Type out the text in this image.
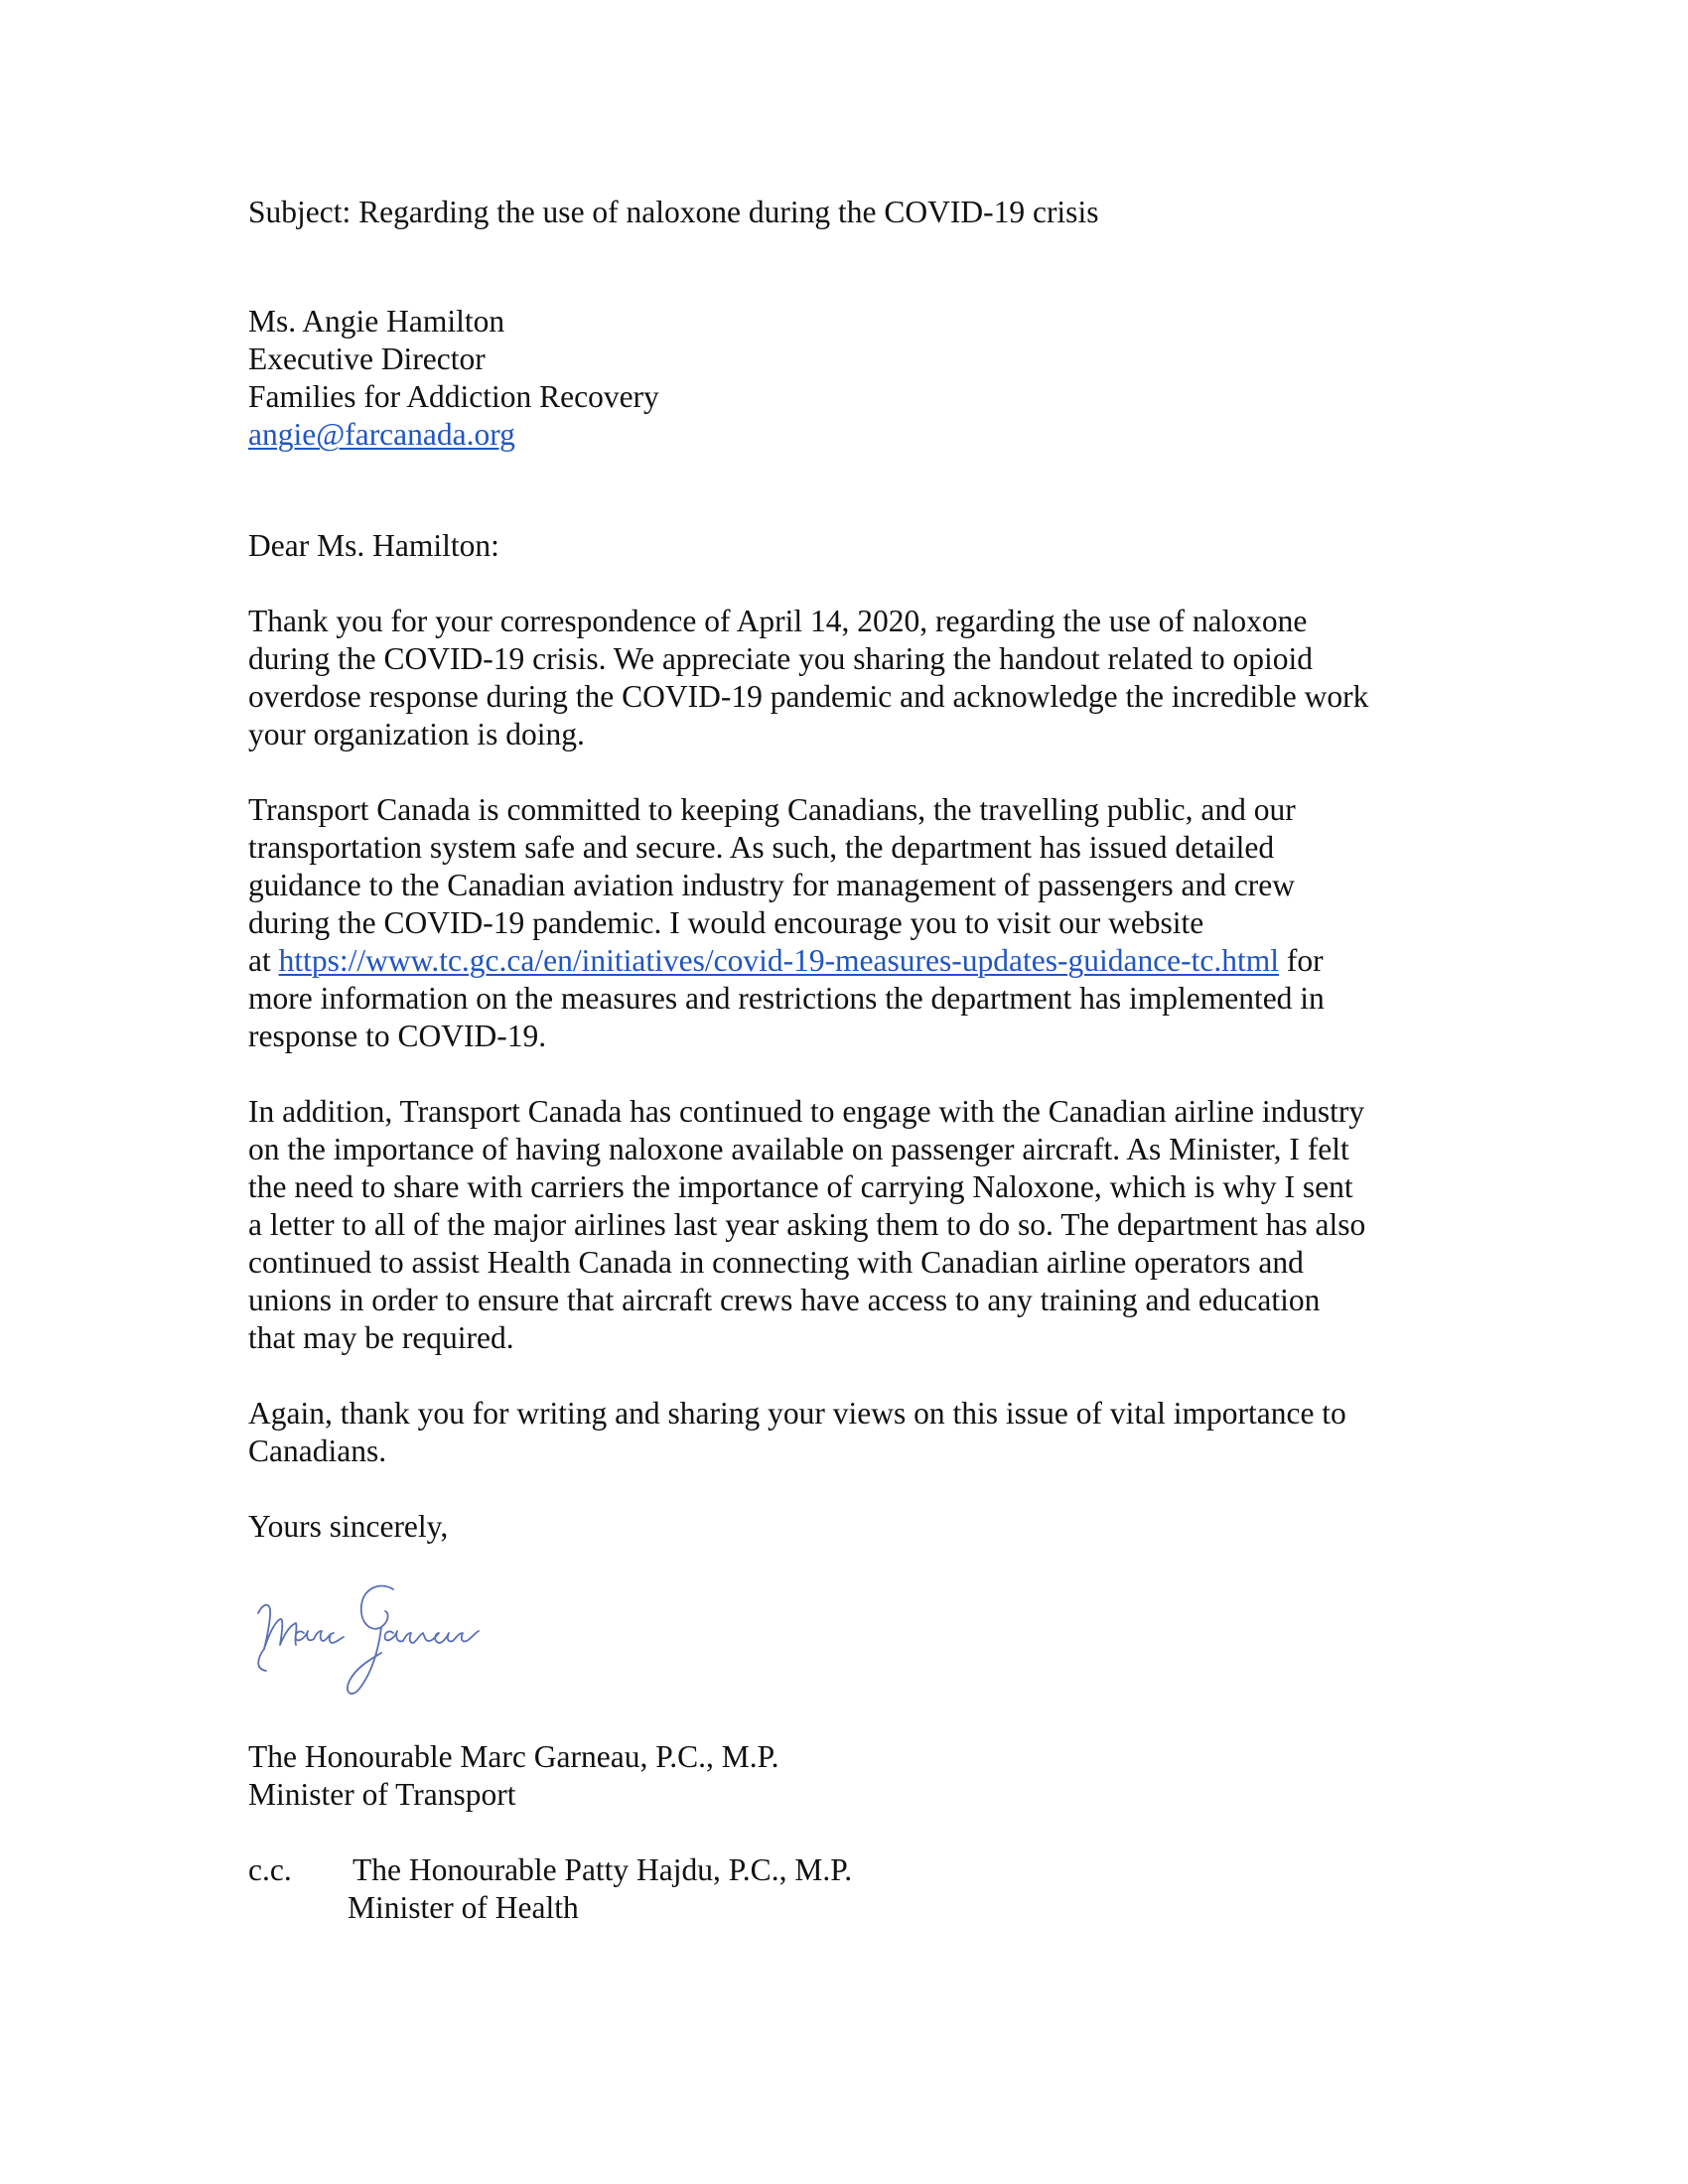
Subject: Regarding the use of naloxone during the COVID-19 crisis
Ms. Angie Hamilton
Executive Director
Families for Addiction Recovery
angie@farcanada.org
Dear Ms. Hamilton:
Thank you for your correspondence of April 14, 2020, regarding the use of naloxone
during the COVID-19 crisis. We appreciate you sharing the handout related to opioid
overdose response during the COVID-19 pandemic and acknowledge the incredible work
your organization is doing.
Transport Canada is committed to keeping Canadians, the travelling public, and our
transportation system safe and secure. As such, the department has issued detailed
guidance to the Canadian aviation industry for management of passengers and crew
during the COVID-19 pandemic. I would encourage you to visit our website
at https://www.tc.gc.ca/en/initiatives/covid-19-measures-updates-guidance-tc.html for
more information on the measures and restrictions the department has implemented in
response to COVID-19.
In addition, Transport Canada has continued to engage with the Canadian airline industry
on the importance of having naloxone available on passenger aircraft. As Minister, I felt
the need to share with carriers the importance of carrying Naloxone, which is why I sent
a letter to all of the major airlines last year asking them to do so. The department has also
continued to assist Health Canada in connecting with Canadian airline operators and
unions in order to ensure that aircraft crews have access to any training and education
that may be required.
Again, thank you for writing and sharing your views on this issue of vital importance to
Canadians.
Yours sincerely,
The Honourable Marc Garneau, P.C., M.P.
Minister of Transport
c.c.	The Honourable Patty Hajdu, P.C., M.P.
Minister of Health
